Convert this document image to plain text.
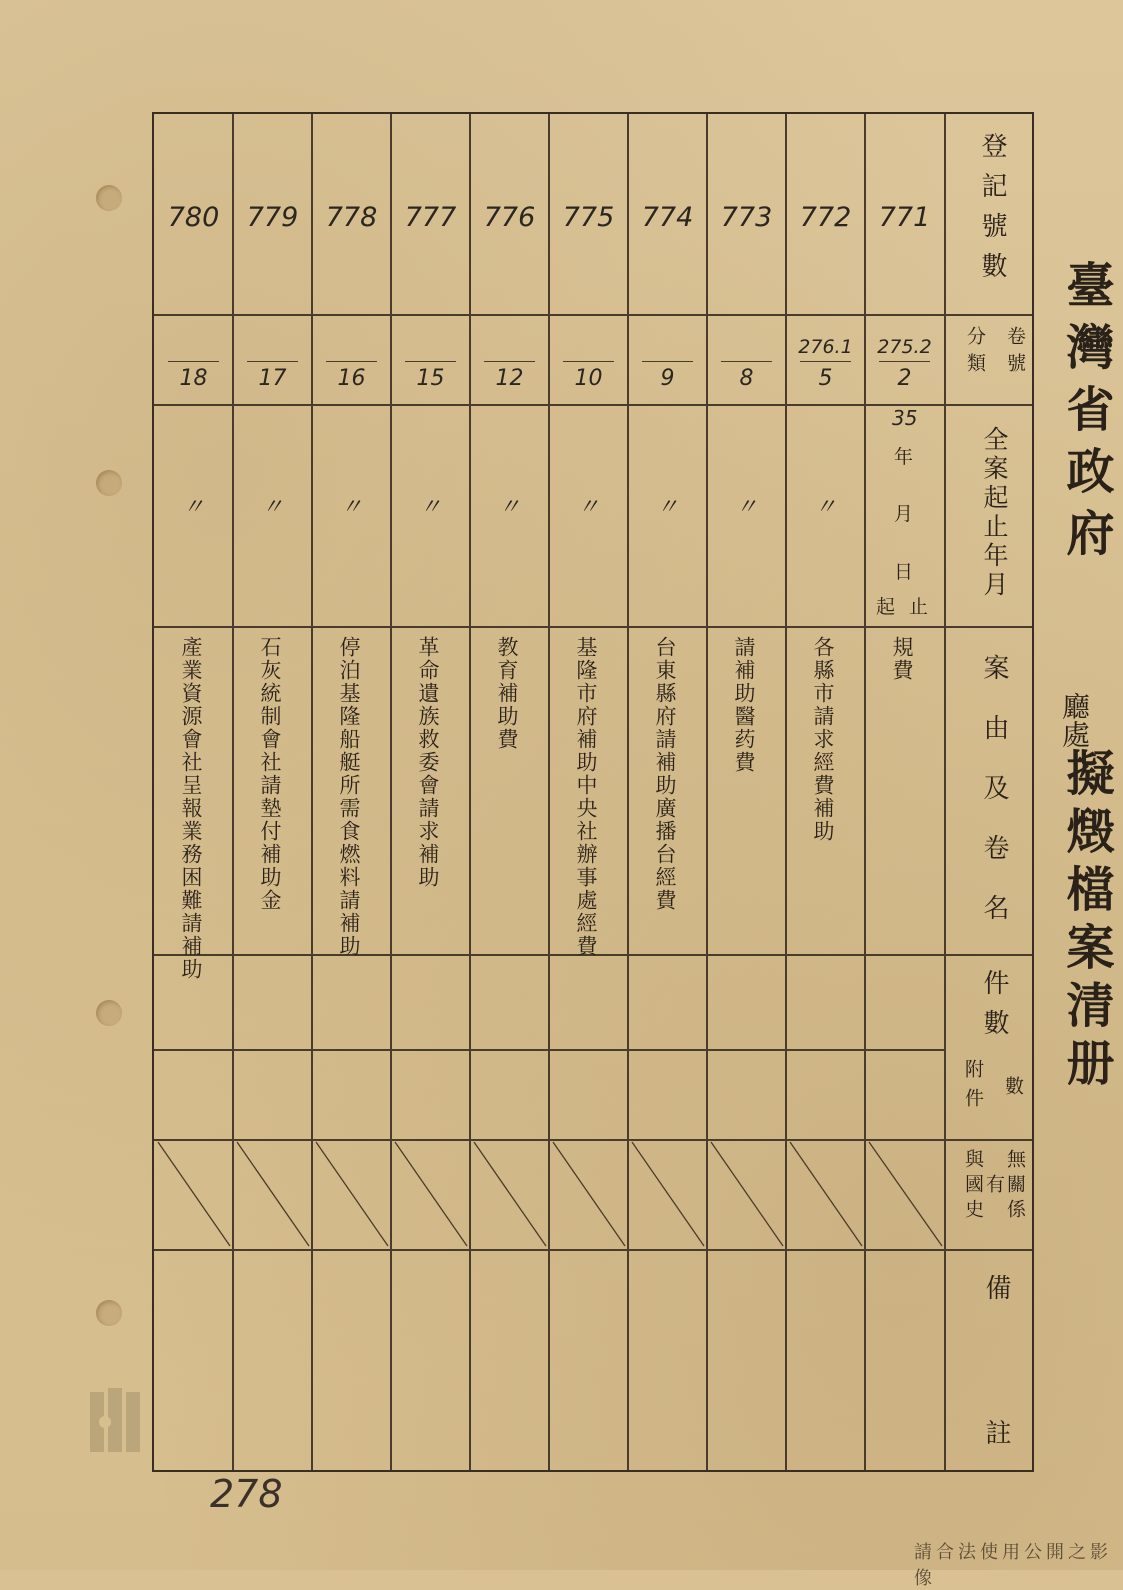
臺灣省政府
廳處
擬燬檔案清册
登記號數
卷號
分類
全案起止年月
案由及卷名
件數
數
附件
無關係
有
與國史
備
註
35
年
月
日
起 止
771
275.2
2
規費
772
276.1
5
〃
各縣市請求經費補助
773
8
〃
請補助醫药費
774
9
〃
台東縣府請補助廣播台經費
775
10
〃
基隆市府補助中央社辦事處經費
776
12
〃
教育補助費
777
15
〃
革命遺族救委會請求補助
778
16
〃
停泊基隆船艇所需食燃料請補助
779
17
〃
石灰統制會社請墊付補助金
780
18
〃
產業資源會社呈報業務困難請補助
278
請合法使用公開之影像
